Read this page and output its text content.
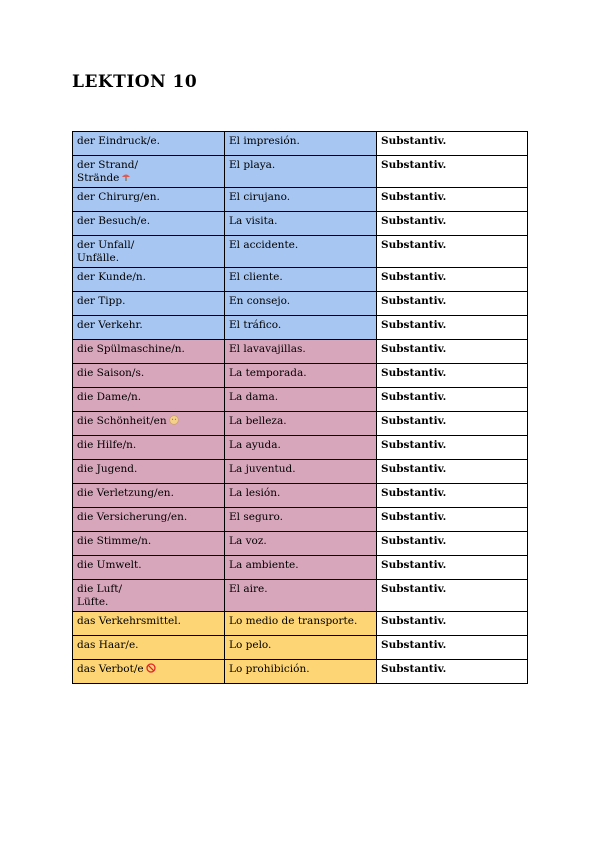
LEKTION 10
der Eindruck/e.	El impresión.	Substantiv.
der Strand/
Strände	El playa.	Substantiv.
der Chirurg/en.	El cirujano.	Substantiv.
der Besuch/e.	La visita.	Substantiv.
der Unfall/
Unfälle.	El accidente.	Substantiv.
der Kunde/n.	El cliente.	Substantiv.
der Tipp.	En consejo.	Substantiv.
der Verkehr.	El tráfico.	Substantiv.
die Spülmaschine/n.	El lavavajillas.	Substantiv.
die Saison/s.	La temporada.	Substantiv.
die Dame/n.	La dama.	Substantiv.
die Schönheit/en	La belleza.	Substantiv.
die Hilfe/n.	La ayuda.	Substantiv.
die Jugend.	La juventud.	Substantiv.
die Verletzung/en.	La lesión.	Substantiv.
die Versicherung/en.	El seguro.	Substantiv.
die Stimme/n.	La voz.	Substantiv.
die Umwelt.	La ambiente.	Substantiv.
die Luft/
Lüfte.	El aire.	Substantiv.
das Verkehrsmittel.	Lo medio de transporte.	Substantiv.
das Haar/e.	Lo pelo.	Substantiv.
das Verbot/e	Lo prohibición.	Substantiv.
